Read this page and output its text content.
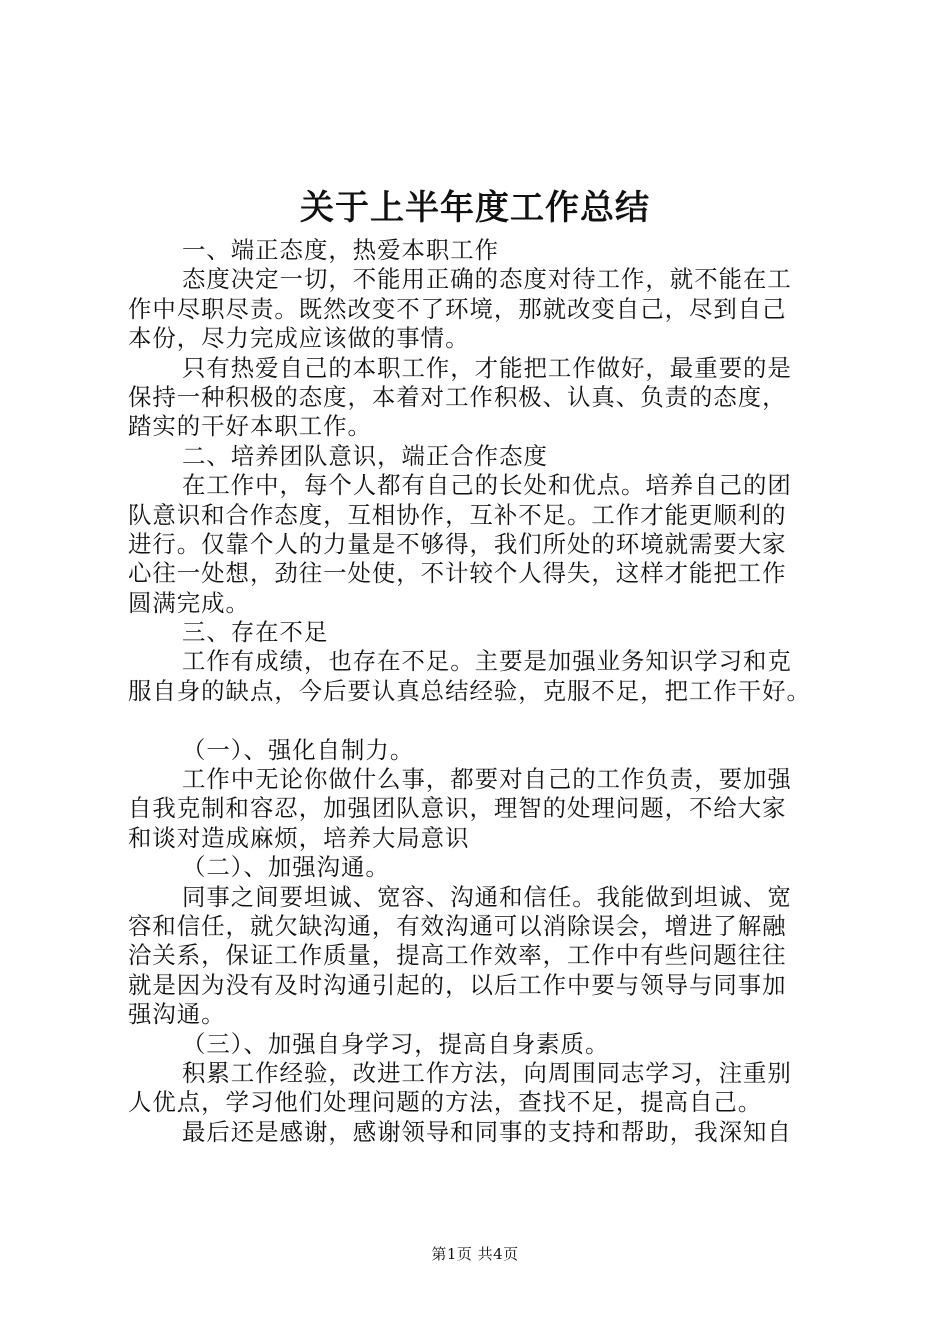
关于上半年度工作总结
一、端正态度，热爱本职工作
态度决定一切，不能用正确的态度对待工作，就不能在工
作中尽职尽责。既然改变不了环境，那就改变自己，尽到自己
本份，尽力完成应该做的事情。
只有热爱自己的本职工作，才能把工作做好，最重要的是
保持一种积极的态度，本着对工作积极、认真、负责的态度，
踏实的干好本职工作。
二、培养团队意识，端正合作态度
在工作中，每个人都有自己的长处和优点。培养自己的团
队意识和合作态度，互相协作，互补不足。工作才能更顺利的
进行。仅靠个人的力量是不够得，我们所处的环境就需要大家
心往一处想，劲往一处使，不计较个人得失，这样才能把工作
圆满完成。
三、存在不足
工作有成绩，也存在不足。主要是加强业务知识学习和克
服自身的缺点，今后要认真总结经验，克服不足，把工作干好。
（一）、强化自制力。
工作中无论你做什么事，都要对自己的工作负责，要加强
自我克制和容忍，加强团队意识，理智的处理问题，不给大家
和谈对造成麻烦，培养大局意识
（二）、加强沟通。
同事之间要坦诚、宽容、沟通和信任。我能做到坦诚、宽
容和信任，就欠缺沟通，有效沟通可以消除误会，增进了解融
洽关系，保证工作质量，提高工作效率，工作中有些问题往往
就是因为没有及时沟通引起的，以后工作中要与领导与同事加
强沟通。
（三）、加强自身学习，提高自身素质。
积累工作经验，改进工作方法，向周围同志学习，注重别
人优点，学习他们处理问题的方法，查找不足，提高自己。
最后还是感谢，感谢领导和同事的支持和帮助，我深知自
第1页 共4页
